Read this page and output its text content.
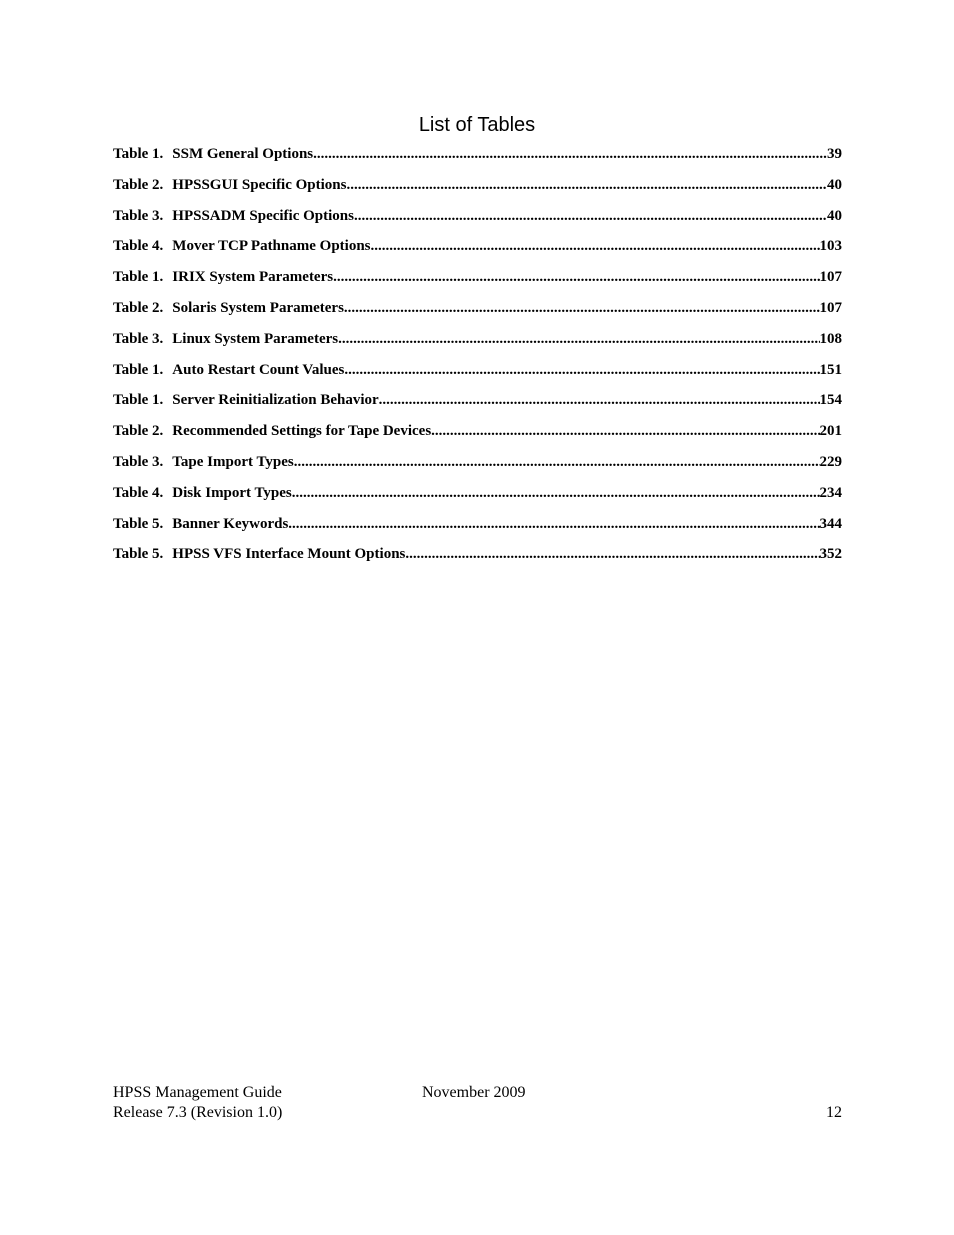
List of Tables
Table 1. SSM General Options .....	39
Table 2. HPSSGUI Specific Options .....	40
Table 3. HPSSADM Specific Options .....	40
Table 4. Mover TCP Pathname Options .....	103
Table 1. IRIX System Parameters .....	107
Table 2. Solaris System Parameters .....	107
Table 3. Linux System Parameters .....	108
Table 1. Auto Restart Count Values .....	151
Table 1. Server Reinitialization Behavior .....	154
Table 2. Recommended Settings for Tape Devices .....	201
Table 3. Tape Import Types .....	229
Table 4. Disk Import Types .....	234
Table 5. Banner Keywords .....	344
Table 5. HPSS VFS Interface Mount Options .....	352
HPSS Management Guide	November 2009
Release 7.3 (Revision 1.0)	12
